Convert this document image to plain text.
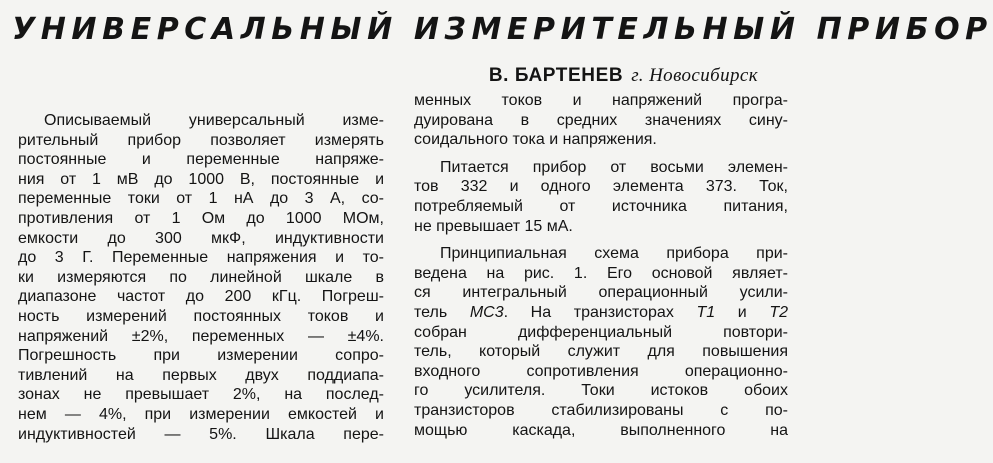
УНИВЕРСАЛЬНЫЙ ИЗМЕРИТЕЛЬНЫЙ ПРИБОР
В. БАРТЕНЕВ г. Новосибирск
Описываемый универсальный изме-
рительный прибор позволяет измерять
постоянные и переменные напряже-
ния от 1 мВ до 1000 В, постоянные и
переменные токи от 1 нА до 3 А, со-
противления от 1 Ом до 1000 МОм,
емкости до 300 мкФ, индуктивности
до 3 Г. Переменные напряжения и то-
ки измеряются по линейной шкале в
диапазоне частот до 200 кГц. Погреш-
ность измерений постоянных токов и
напряжений ±2%, переменных — ±4%.
Погрешность при измерении сопро-
тивлений на первых двух поддиапа-
зонах не превышает 2%, на послед-
нем — 4%, при измерении емкостей и
индуктивностей — 5%. Шкала пере-
менных токов и напряжений програ-
дуирована в средних значениях сину-
соидального тока и напряжения.
Питается прибор от восьми элемен-
тов 332 и одного элемента 373. Ток,
потребляемый от источника питания,
не превышает 15 мА.
Принципиальная схема прибора при-
ведена на рис. 1. Его основой являет-
ся интегральный операционный усили-
тель МС3. На транзисторах Т1 и Т2
собран дифференциальный повтори-
тель, который служит для повышения
входного сопротивления операционно-
го усилителя. Токи истоков обоих
транзисторов стабилизированы с по-
мощью каскада, выполненного на
